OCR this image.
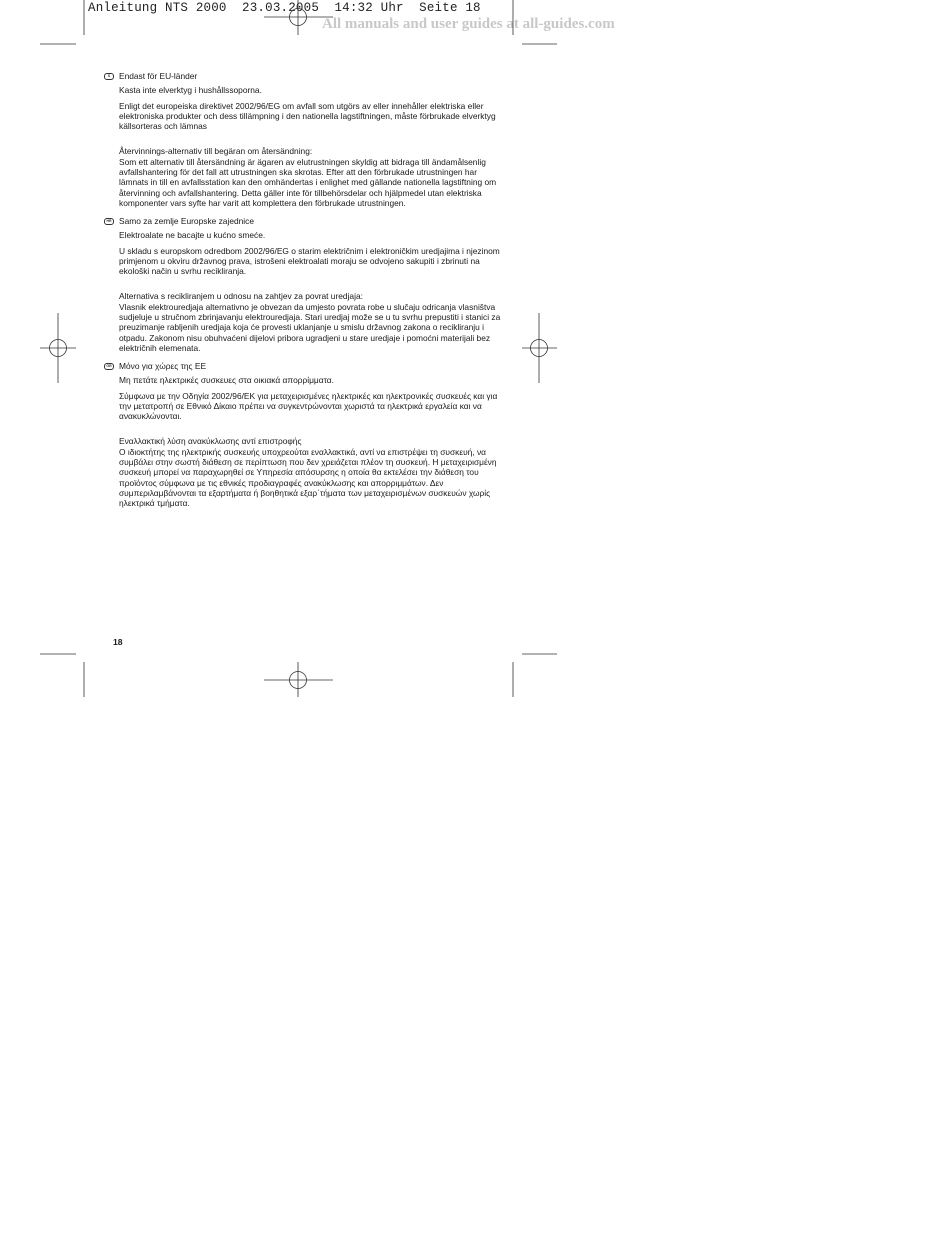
Anleitung NTS 2000  23.03.2005  14:32 Uhr  Seite 18
All manuals and user guides at all-guides.com
S	Endast för EU-länder

Kasta inte elverktyg i hushållssoporna.

Enligt det europeiska direktivet 2002/96/EG om avfall som utgörs av eller innehåller elektriska eller elektroniska produkter och dess tillämpning i den nationella lagstiftningen, måste förbrukade elverktyg källsorteras och lämnas

Återvinnings-alternativ till begäran om återsändning:

Som ett alternativ till återsändning är ägaren av elutrustningen skyldig att bidraga till ändamålsenlig avfallshantering för det fall att utrustningen ska skrotas. Efter att den förbrukade utrustningen har lämnats in till en avfallsstation kan den omhändertas i enlighet med gällande nationella lagstiftning om återvinning och avfallshantering. Detta gäller inte för tillbehörsdelar och hjälpmedel utan elektriska komponenter vars syfte har varit att komplettera den förbrukade utrustningen.

HR Samo za zemlje Europske zajednice

Elektroalate ne bacajte u kućno smeće.

U skladu s europskom odredbom 2002/96/EG o starim električnim i elektroničkim uredjajima i njezinom primjenom u okviru državnog prava, istrošeni elektroalati moraju se odvojeno sakupiti i zbrinuti na ekološki način u svrhu recikliranja.

Alternativa s recikliranjem u odnosu na zahtjev za povrat uredjaja:

Vlasnik elektrouredjaja alternativno je obvezan da umjesto povrata robe u slučaju odricanja vlasništva sudjeluje u stručnom zbrinjavanju elektrouredjaja. Stari uredjaj može se u tu svrhu prepustiti i stanici za preuzimanje rabljenih uredjaja koja će provesti uklanjanje u smislu državnog zakona o recikliranju i otpadu. Zakonom nisu obuhvaćeni dijelovi pribora ugradjeni u stare uredjaje i pomoćni materijali bez električnih elemenata.

GR Μόνο για χώρες της ΕΕ

Μη πετάτε ηλεκτρικές συσκευες στα οικιακά απορρίμματα.

Σύμφωνα με την Οδηγία 2002/96/ΕΚ για μεταχειρισμένες ηλεκτρικές και ηλεκτρονικές συσκευές και για την μετατροπή σε Εθνικό Δίκαιο πρέπει να συγκεντρώνονται χωριστά τα ηλεκτρικά εργαλεία και να ανακυκλώνονται.

Εναλλακτική λύση ανακύκλωσης αντί επιστροφής

Ο ιδιοκτήτης της ηλεκτρικής συσκευής υποχρεούται εναλλακτικά, αντί να επιστρέψει τη συσκευή, να συμβάλει στην σωστή διάθεση σε περίπτωση που δεν χρειάζεται πλέον τη συσκευή. Η μεταχειρισμένη συσκευή μπορεί να παραχωρηθεί σε Υπηρεσία απόσυρσης η οποία θα εκτελέσει την διάθεση του προϊόντος σύμφωνα με τις εθνικές προδιαγραφές ανακύκλωσης και απορριμμάτων. Δεν συμπεριλαμβάνονται τα εξαρτήματα ή βοηθητικά εξαρ΄τήματα των μεταχειρισμένων συσκευών χωρίς ηλεκτρικά τμήματα.

18
